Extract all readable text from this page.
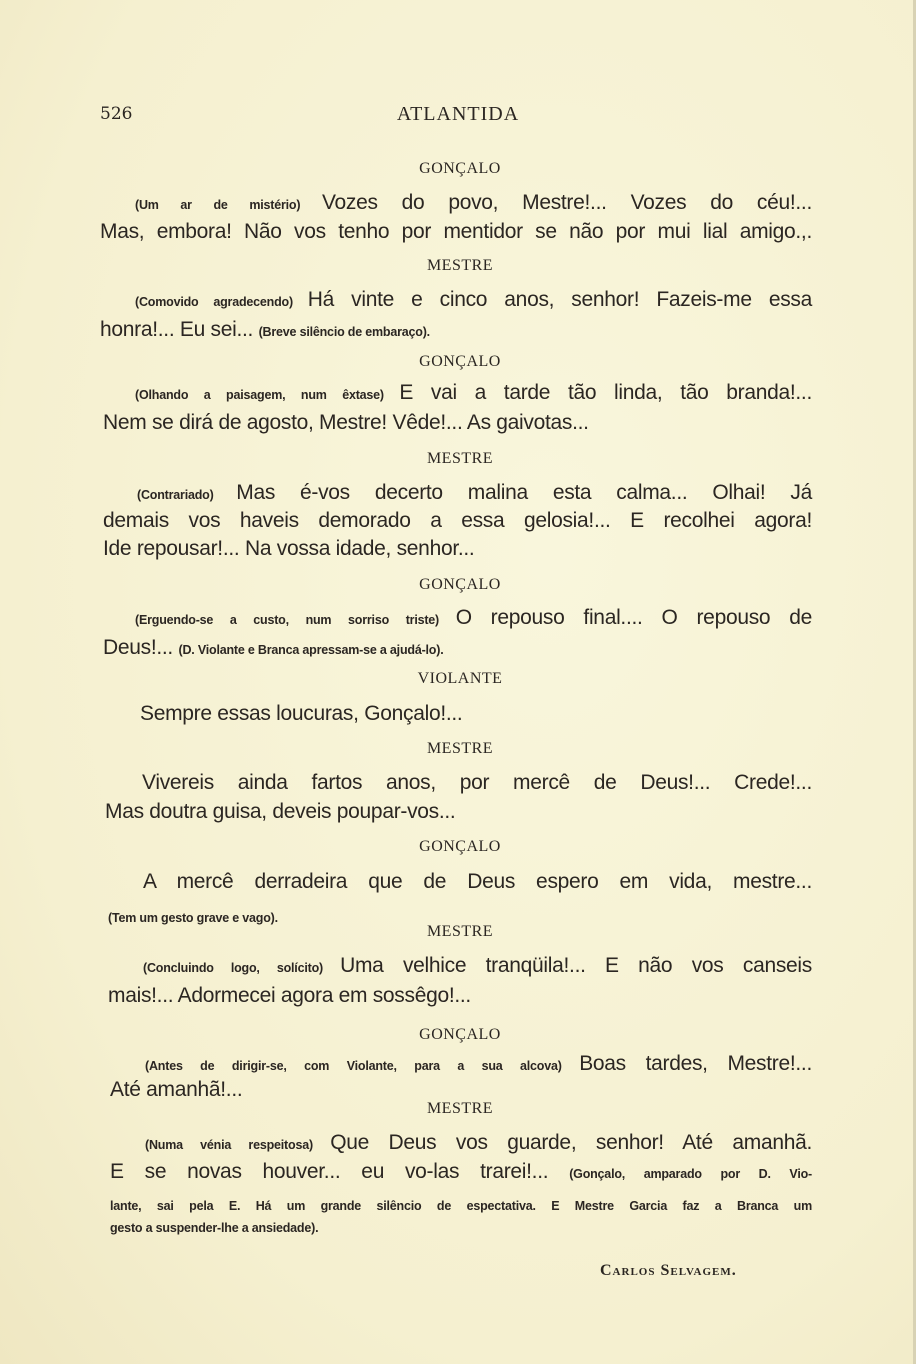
526	ATLANTIDA
GONÇALO
(Um ar de mistério) Vozes do povo, Mestre!... Vozes do céu!...
Mas, embora! Não vos tenho por mentidor se não por mui lial amigo.,.
MESTRE
(Comovido agradecendo) Há vinte e cinco anos, senhor! Fazeis-me essa
honra!... Eu sei... (Breve silêncio de embaraço).
GONÇALO
(Olhando a paisagem, num êxtase) E vai a tarde tão linda, tão branda!...
Nem se dirá de agosto, Mestre! Vêde!... As gaivotas...
MESTRE
(Contrariado) Mas é-vos decerto malina esta calma... Olhai! Já
demais vos haveis demorado a essa gelosia!... E recolhei agora!
Ide repousar!... Na vossa idade, senhor...
GONÇALO
(Erguendo-se a custo, num sorriso triste) O repouso final.... O repouso de
Deus!... (D. Violante e Branca apressam-se a ajudá-lo).
VIOLANTE
Sempre essas loucuras, Gonçalo!...
MESTRE
Vivereis ainda fartos anos, por mercê de Deus!... Crede!...
Mas doutra guisa, deveis poupar-vos...
GONÇALO
A mercê derradeira que de Deus espero em vida, mestre...
(Tem um gesto grave e vago).
MESTRE
(Concluindo logo, solícito) Uma velhice tranqüila!... E não vos canseis
mais!... Adormecei agora em sossêgo!...
GONÇALO
(Antes de dirigir-se, com Violante, para a sua alcova) Boas tardes, Mestre!...
Até amanhã!...
MESTRE
(Numa vénia respeitosa) Que Deus vos guarde, senhor! Até amanhã.
E se novas houver... eu vo-las trarei!... (Gonçalo, amparado por D. Vio-
lante, sai pela E. Há um grande silêncio de espectativa. E Mestre Garcia faz a Branca um
gesto a suspender-lhe a ansiedade).
Carlos Selvagem.
